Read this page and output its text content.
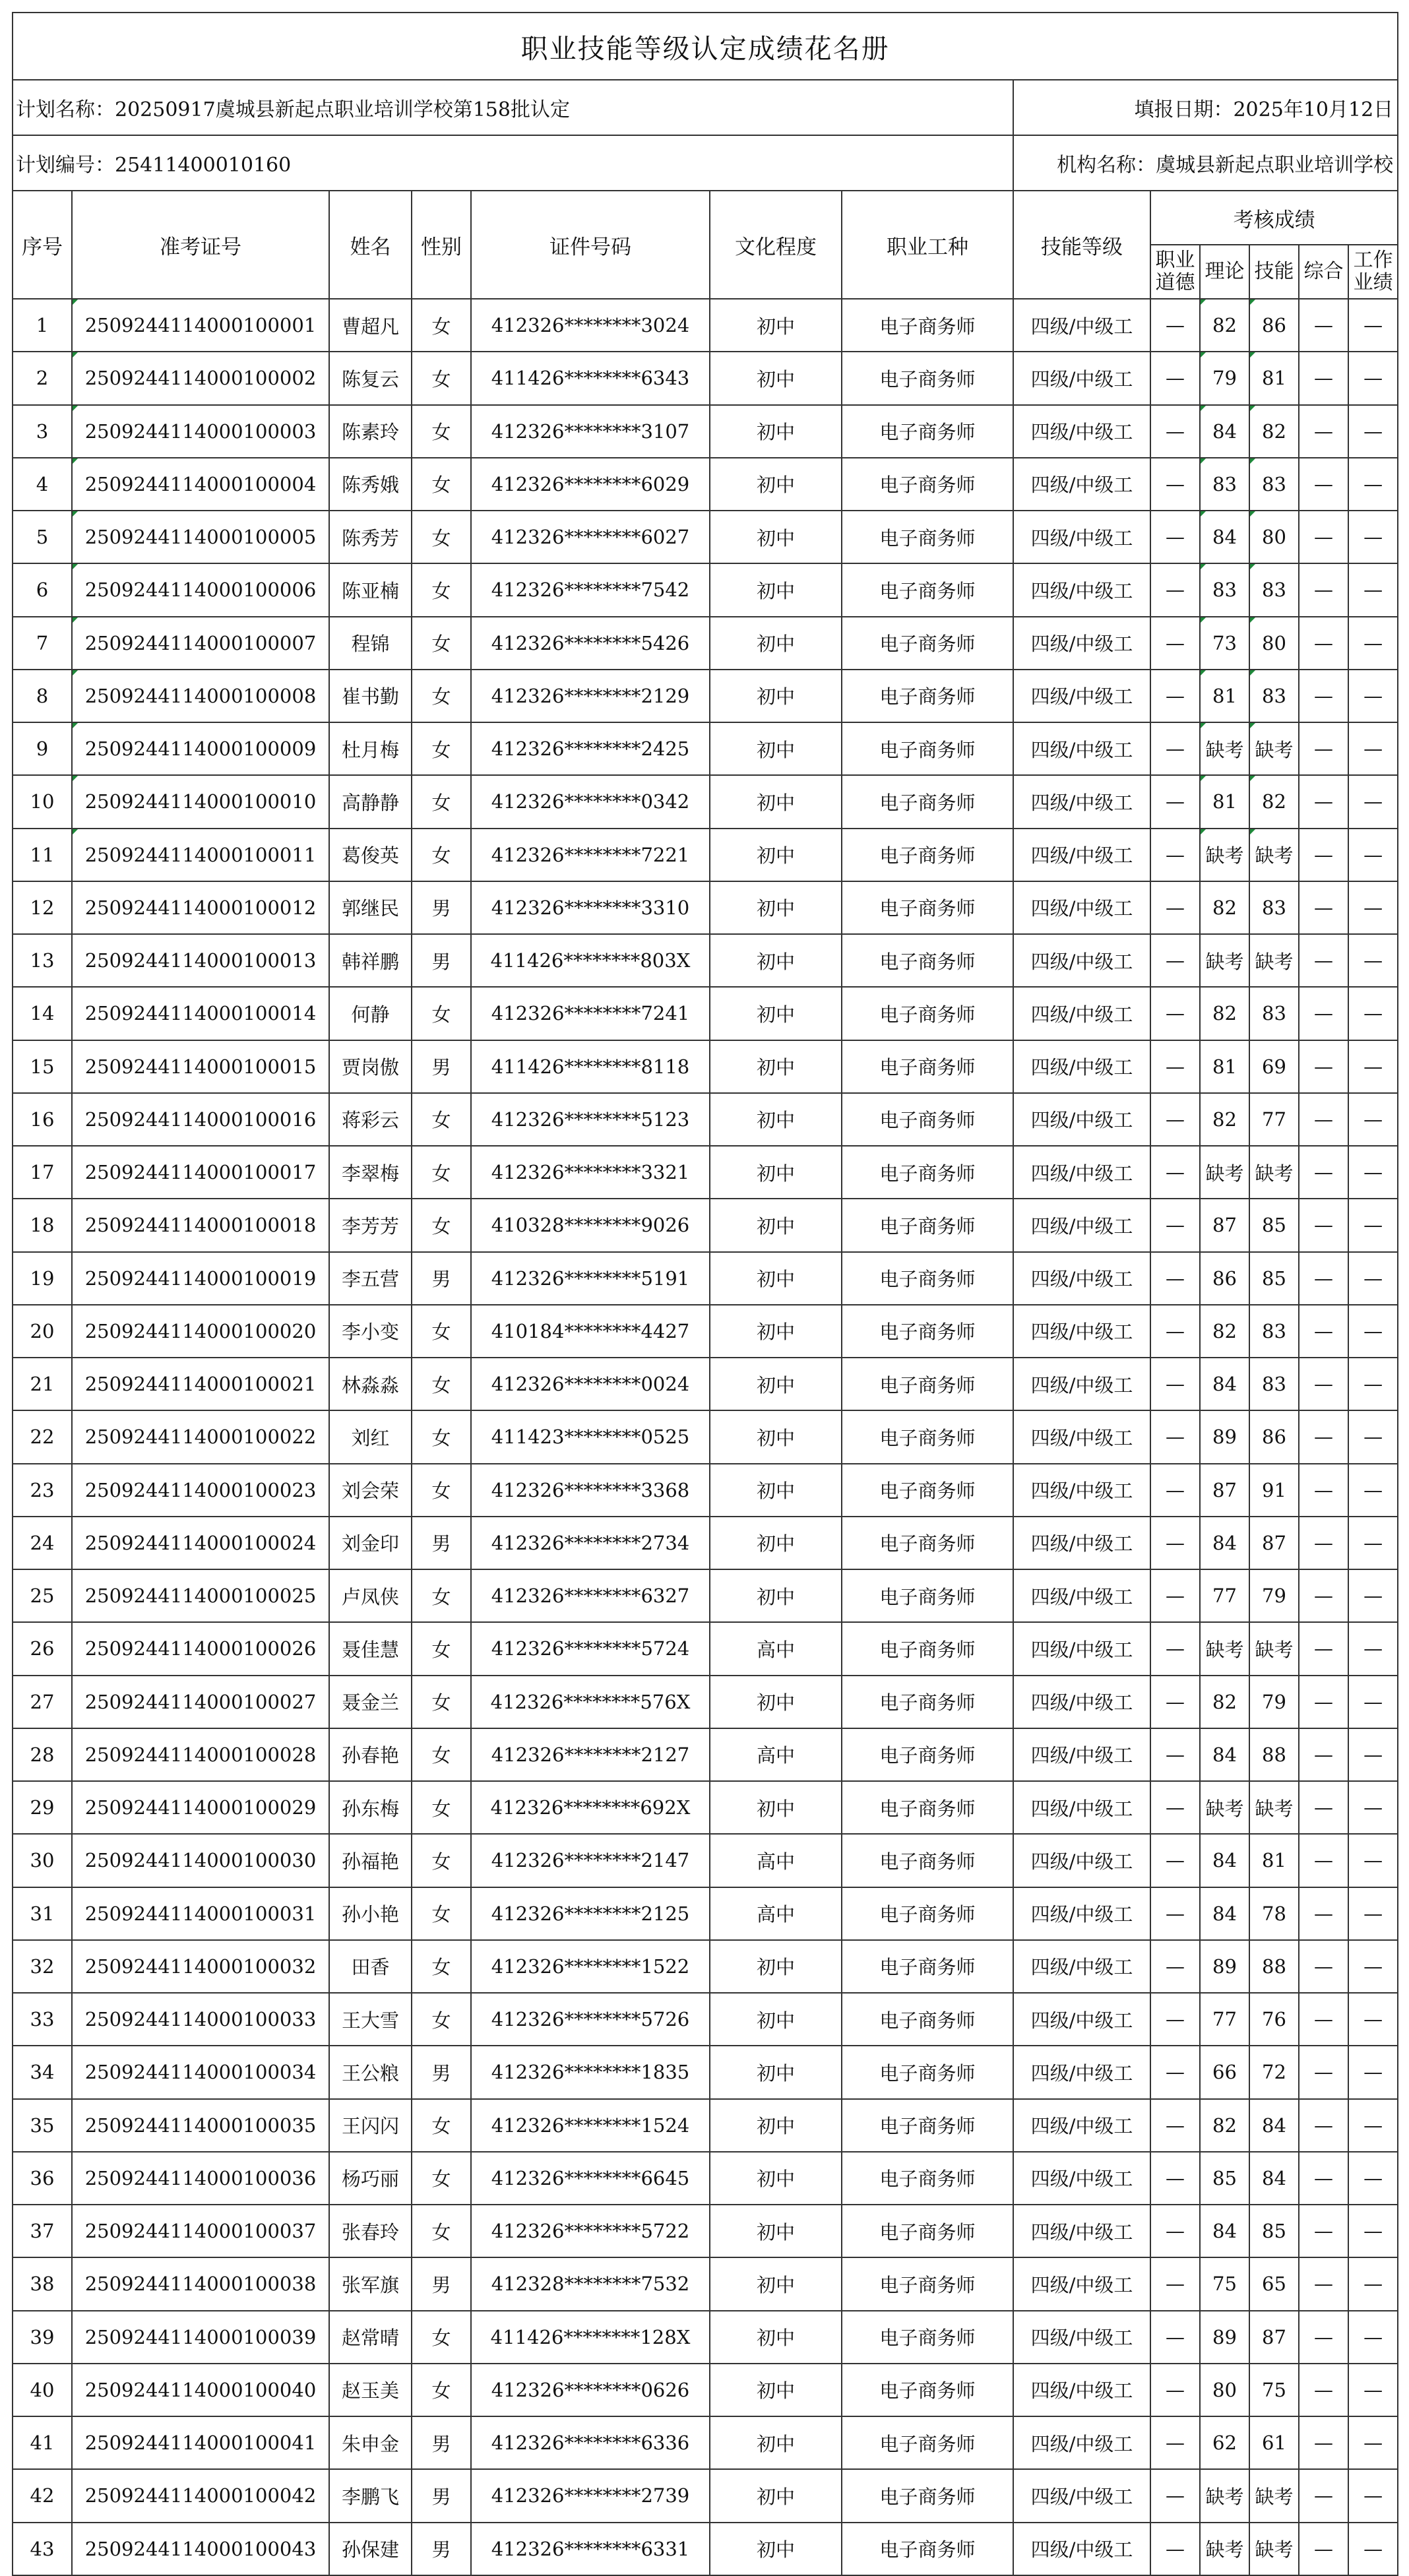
职业技能等级认定成绩花名册												
计划名称：20250917虞城县新起点职业培训学校第158批认定							填报日期：2025年10月12日					
计划编号：25411400010160							机构名称：虞城县新起点职业培训学校					
序号	准考证号	姓名	性别	证件号码	文化程度	职业工种	技能等级	考核成绩				
								职业道德	理论	技能	综合	工作业绩
1	2509244114000100001	曹超凡	女	412326********3024	初中	电子商务师	四级/中级工	—	82	86	—	—
2	2509244114000100002	陈复云	女	411426********6343	初中	电子商务师	四级/中级工	—	79	81	—	—
3	2509244114000100003	陈素玲	女	412326********3107	初中	电子商务师	四级/中级工	—	84	82	—	—
4	2509244114000100004	陈秀娥	女	412326********6029	初中	电子商务师	四级/中级工	—	83	83	—	—
5	2509244114000100005	陈秀芳	女	412326********6027	初中	电子商务师	四级/中级工	—	84	80	—	—
6	2509244114000100006	陈亚楠	女	412326********7542	初中	电子商务师	四级/中级工	—	83	83	—	—
7	2509244114000100007	程锦	女	412326********5426	初中	电子商务师	四级/中级工	—	73	80	—	—
8	2509244114000100008	崔书勤	女	412326********2129	初中	电子商务师	四级/中级工	—	81	83	—	—
9	2509244114000100009	杜月梅	女	412326********2425	初中	电子商务师	四级/中级工	—	缺考	缺考	—	—
10	2509244114000100010	高静静	女	412326********0342	初中	电子商务师	四级/中级工	—	81	82	—	—
11	2509244114000100011	葛俊英	女	412326********7221	初中	电子商务师	四级/中级工	—	缺考	缺考	—	—
12	2509244114000100012	郭继民	男	412326********3310	初中	电子商务师	四级/中级工	—	82	83	—	—
13	2509244114000100013	韩祥鹏	男	411426********803X	初中	电子商务师	四级/中级工	—	缺考	缺考	—	—
14	2509244114000100014	何静	女	412326********7241	初中	电子商务师	四级/中级工	—	82	83	—	—
15	2509244114000100015	贾岗傲	男	411426********8118	初中	电子商务师	四级/中级工	—	81	69	—	—
16	2509244114000100016	蒋彩云	女	412326********5123	初中	电子商务师	四级/中级工	—	82	77	—	—
17	2509244114000100017	李翠梅	女	412326********3321	初中	电子商务师	四级/中级工	—	缺考	缺考	—	—
18	2509244114000100018	李芳芳	女	410328********9026	初中	电子商务师	四级/中级工	—	87	85	—	—
19	2509244114000100019	李五营	男	412326********5191	初中	电子商务师	四级/中级工	—	86	85	—	—
20	2509244114000100020	李小变	女	410184********4427	初中	电子商务师	四级/中级工	—	82	83	—	—
21	2509244114000100021	林淼淼	女	412326********0024	初中	电子商务师	四级/中级工	—	84	83	—	—
22	2509244114000100022	刘红	女	411423********0525	初中	电子商务师	四级/中级工	—	89	86	—	—
23	2509244114000100023	刘会荣	女	412326********3368	初中	电子商务师	四级/中级工	—	87	91	—	—
24	2509244114000100024	刘金印	男	412326********2734	初中	电子商务师	四级/中级工	—	84	87	—	—
25	2509244114000100025	卢凤侠	女	412326********6327	初中	电子商务师	四级/中级工	—	77	79	—	—
26	2509244114000100026	聂佳慧	女	412326********5724	高中	电子商务师	四级/中级工	—	缺考	缺考	—	—
27	2509244114000100027	聂金兰	女	412326********576X	初中	电子商务师	四级/中级工	—	82	79	—	—
28	2509244114000100028	孙春艳	女	412326********2127	高中	电子商务师	四级/中级工	—	84	88	—	—
29	2509244114000100029	孙东梅	女	412326********692X	初中	电子商务师	四级/中级工	—	缺考	缺考	—	—
30	2509244114000100030	孙福艳	女	412326********2147	高中	电子商务师	四级/中级工	—	84	81	—	—
31	2509244114000100031	孙小艳	女	412326********2125	高中	电子商务师	四级/中级工	—	84	78	—	—
32	2509244114000100032	田香	女	412326********1522	初中	电子商务师	四级/中级工	—	89	88	—	—
33	2509244114000100033	王大雪	女	412326********5726	初中	电子商务师	四级/中级工	—	77	76	—	—
34	2509244114000100034	王公粮	男	412326********1835	初中	电子商务师	四级/中级工	—	66	72	—	—
35	2509244114000100035	王闪闪	女	412326********1524	初中	电子商务师	四级/中级工	—	82	84	—	—
36	2509244114000100036	杨巧丽	女	412326********6645	初中	电子商务师	四级/中级工	—	85	84	—	—
37	2509244114000100037	张春玲	女	412326********5722	初中	电子商务师	四级/中级工	—	84	85	—	—
38	2509244114000100038	张军旗	男	412328********7532	初中	电子商务师	四级/中级工	—	75	65	—	—
39	2509244114000100039	赵常晴	女	411426********128X	初中	电子商务师	四级/中级工	—	89	87	—	—
40	2509244114000100040	赵玉美	女	412326********0626	初中	电子商务师	四级/中级工	—	80	75	—	—
41	2509244114000100041	朱申金	男	412326********6336	初中	电子商务师	四级/中级工	—	62	61	—	—
42	2509244114000100042	李鹏飞	男	412326********2739	初中	电子商务师	四级/中级工	—	缺考	缺考	—	—
43	2509244114000100043	孙保建	男	412326********6331	初中	电子商务师	四级/中级工	—	缺考	缺考	—	—
